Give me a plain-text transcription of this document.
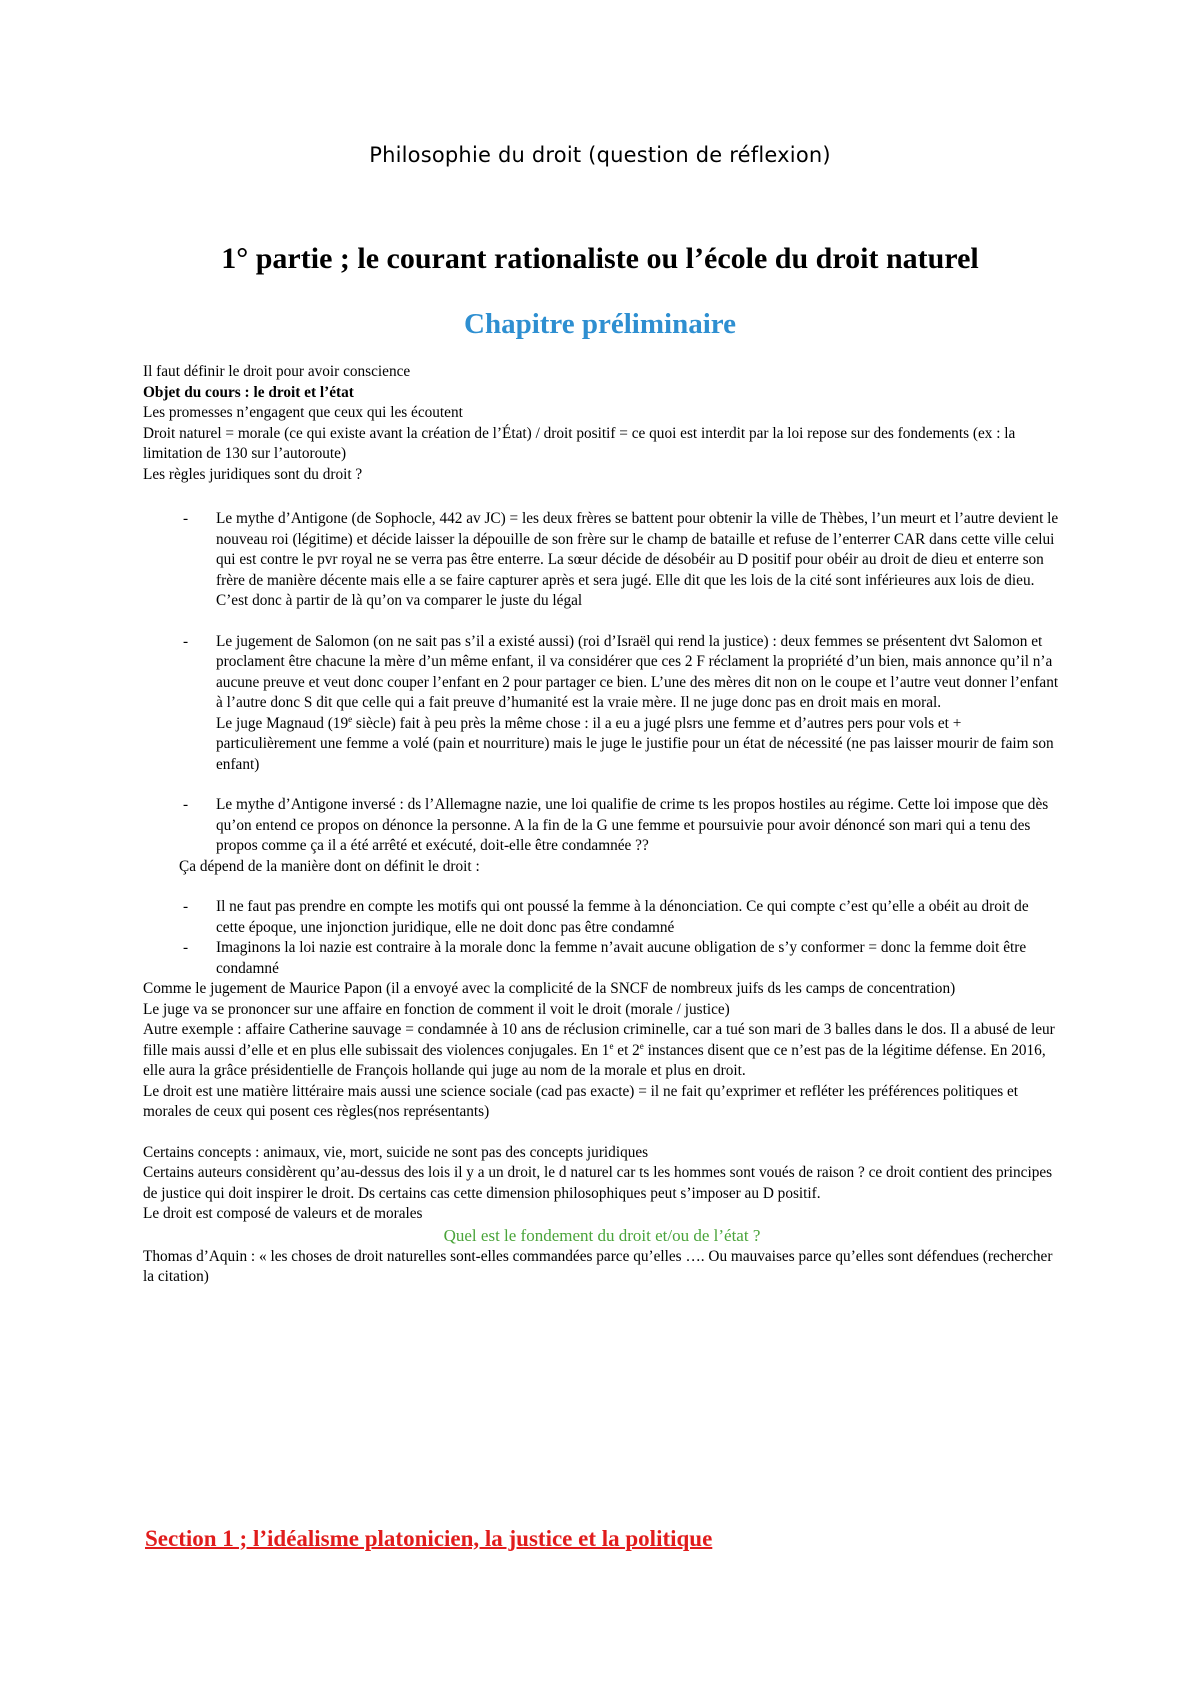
Philosophie du droit (question de réflexion)
1° partie ; le courant rationaliste ou l’école du droit naturel
Chapitre préliminaire

Il faut définir le droit pour avoir conscience

Objet du cours : le droit et l’état

Les promesses n’engagent que ceux qui les écoutent

Droit naturel = morale (ce qui existe avant la création de l’État) / droit positif = ce quoi est interdit par la loi repose sur des fondements (ex : la limitation de 130 sur l’autoroute)

Les règles juridiques sont du droit ?

- Le mythe d’Antigone (de Sophocle, 442 av JC) = les deux frères se battent pour obtenir la ville de Thèbes, l’un meurt et l’autre devient le nouveau roi (légitime) et décide laisser la dépouille de son frère sur le champ de bataille et refuse de l’enterrer CAR dans cette ville celui qui est contre le pvr royal ne se verra pas être enterre. La sœur décide de désobéir au D positif pour obéir au droit de dieu et enterre son frère de manière décente mais elle a se faire capturer après et sera jugé. Elle dit que les lois de la cité sont inférieures aux lois de dieu. C’est donc à partir de là qu’on va comparer le juste du légal
- Le jugement de Salomon (on ne sait pas s’il a existé aussi) (roi d’Israël qui rend la justice) : deux femmes se présentent dvt Salomon et proclament être chacune la mère d’un même enfant, il va considérer que ces 2 F réclament la propriété d’un bien, mais annonce qu’il n’a aucune preuve et veut donc couper l’enfant en 2 pour partager ce bien. L’une des mères dit non on le coupe et l’autre veut donner l’enfant à l’autre donc S dit que celle qui a fait preuve d’humanité est la vraie mère. Il ne juge donc pas en droit mais en moral.
Le juge Magnaud (19e siècle) fait à peu près la même chose : il a eu a jugé plsrs une femme et d’autres pers pour vols et + particulièrement une femme a volé (pain et nourriture) mais le juge le justifie pour un état de nécessité (ne pas laisser mourir de faim son enfant)
- Le mythe d’Antigone inversé : ds l’Allemagne nazie, une loi qualifie de crime ts les propos hostiles au régime. Cette loi impose que dès qu’on entend ce propos on dénonce la personne. A la fin de la G une femme et poursuivie pour avoir dénoncé son mari qui a tenu des propos comme ça il a été arrêté et exécuté, doit-elle être condamnée ??

Ça dépend de la manière dont on définit le droit :

- Il ne faut pas prendre en compte les motifs qui ont poussé la femme à la dénonciation. Ce qui compte c’est qu’elle a obéit au droit de cette époque, une injonction juridique, elle ne doit donc pas être condamné
- Imaginons la loi nazie est contraire à la morale donc la femme n’avait aucune obligation de s’y conformer = donc la femme doit être condamné

Comme le jugement de Maurice Papon (il a envoyé avec la complicité de la SNCF de nombreux juifs ds les camps de concentration)

Le juge va se prononcer sur une affaire en fonction de comment il voit le droit (morale / justice)

Autre exemple : affaire Catherine sauvage = condamnée à 10 ans de réclusion criminelle, car a tué son mari de 3 balles dans le dos. Il a abusé de leur fille mais aussi d’elle et en plus elle subissait des violences conjugales. En 1e et 2e instances disent que ce n’est pas de la légitime défense. En 2016, elle aura la grâce présidentielle de François hollande qui juge au nom de la morale et plus en droit.

Le droit est une matière littéraire mais aussi une science sociale (cad pas exacte) = il ne fait qu’exprimer et refléter les préférences politiques et morales de ceux qui posent ces règles(nos représentants)

Certains concepts : animaux, vie, mort, suicide ne sont pas des concepts juridiques

Certains auteurs considèrent qu’au-dessus des lois il y a un droit, le d naturel car ts les hommes sont voués de raison ? ce droit contient des principes de justice qui doit inspirer le droit. Ds certains cas cette dimension philosophiques peut s’imposer au D positif.

Le droit est composé de valeurs et de morales

Quel est le fondement du droit et/ou de l’état ?

Thomas d’Aquin : « les choses de droit naturelles sont-elles commandées parce qu’elles …. Ou mauvaises parce qu’elles sont défendues (rechercher la citation)

Section 1 ; l’idéalisme platonicien, la justice et la politique
